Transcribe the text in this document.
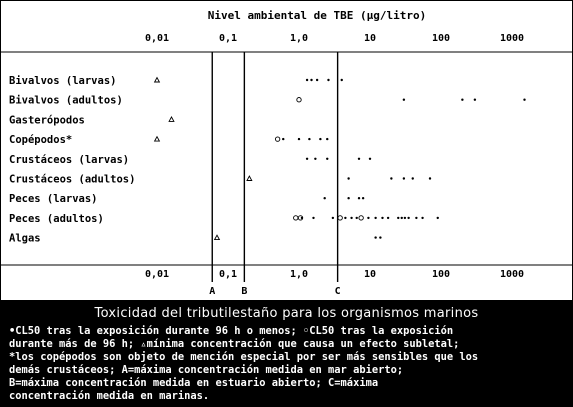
Nivel ambiental de TBE (µg/litro)
0,01	0,1	1,0	10	100	1000
0,01	0,1	1,0	10	100	1000
A	B	C
Bivalvos (larvas)
Bivalvos (adultos)
Gasterópodos
Copépodos*
Crustáceos (larvas)
Crustáceos (adultos)
Peces (larvas)
Peces (adultos)
Algas
Toxicidad del tributilestaño para los organismos marinos
•CL50 tras la exposición durante 96 h o menos; ◦CL50 tras la exposición
durante más de 96 h; ▵mínima concentración que causa un efecto subletal;
*los copépodos son objeto de mención especial por ser más sensibles que los
demás crustáceos; A=máxima concentración medida en mar abierto;
B=máxima concentración medida en estuario abierto; C=máxima
concentración medida en marinas.
